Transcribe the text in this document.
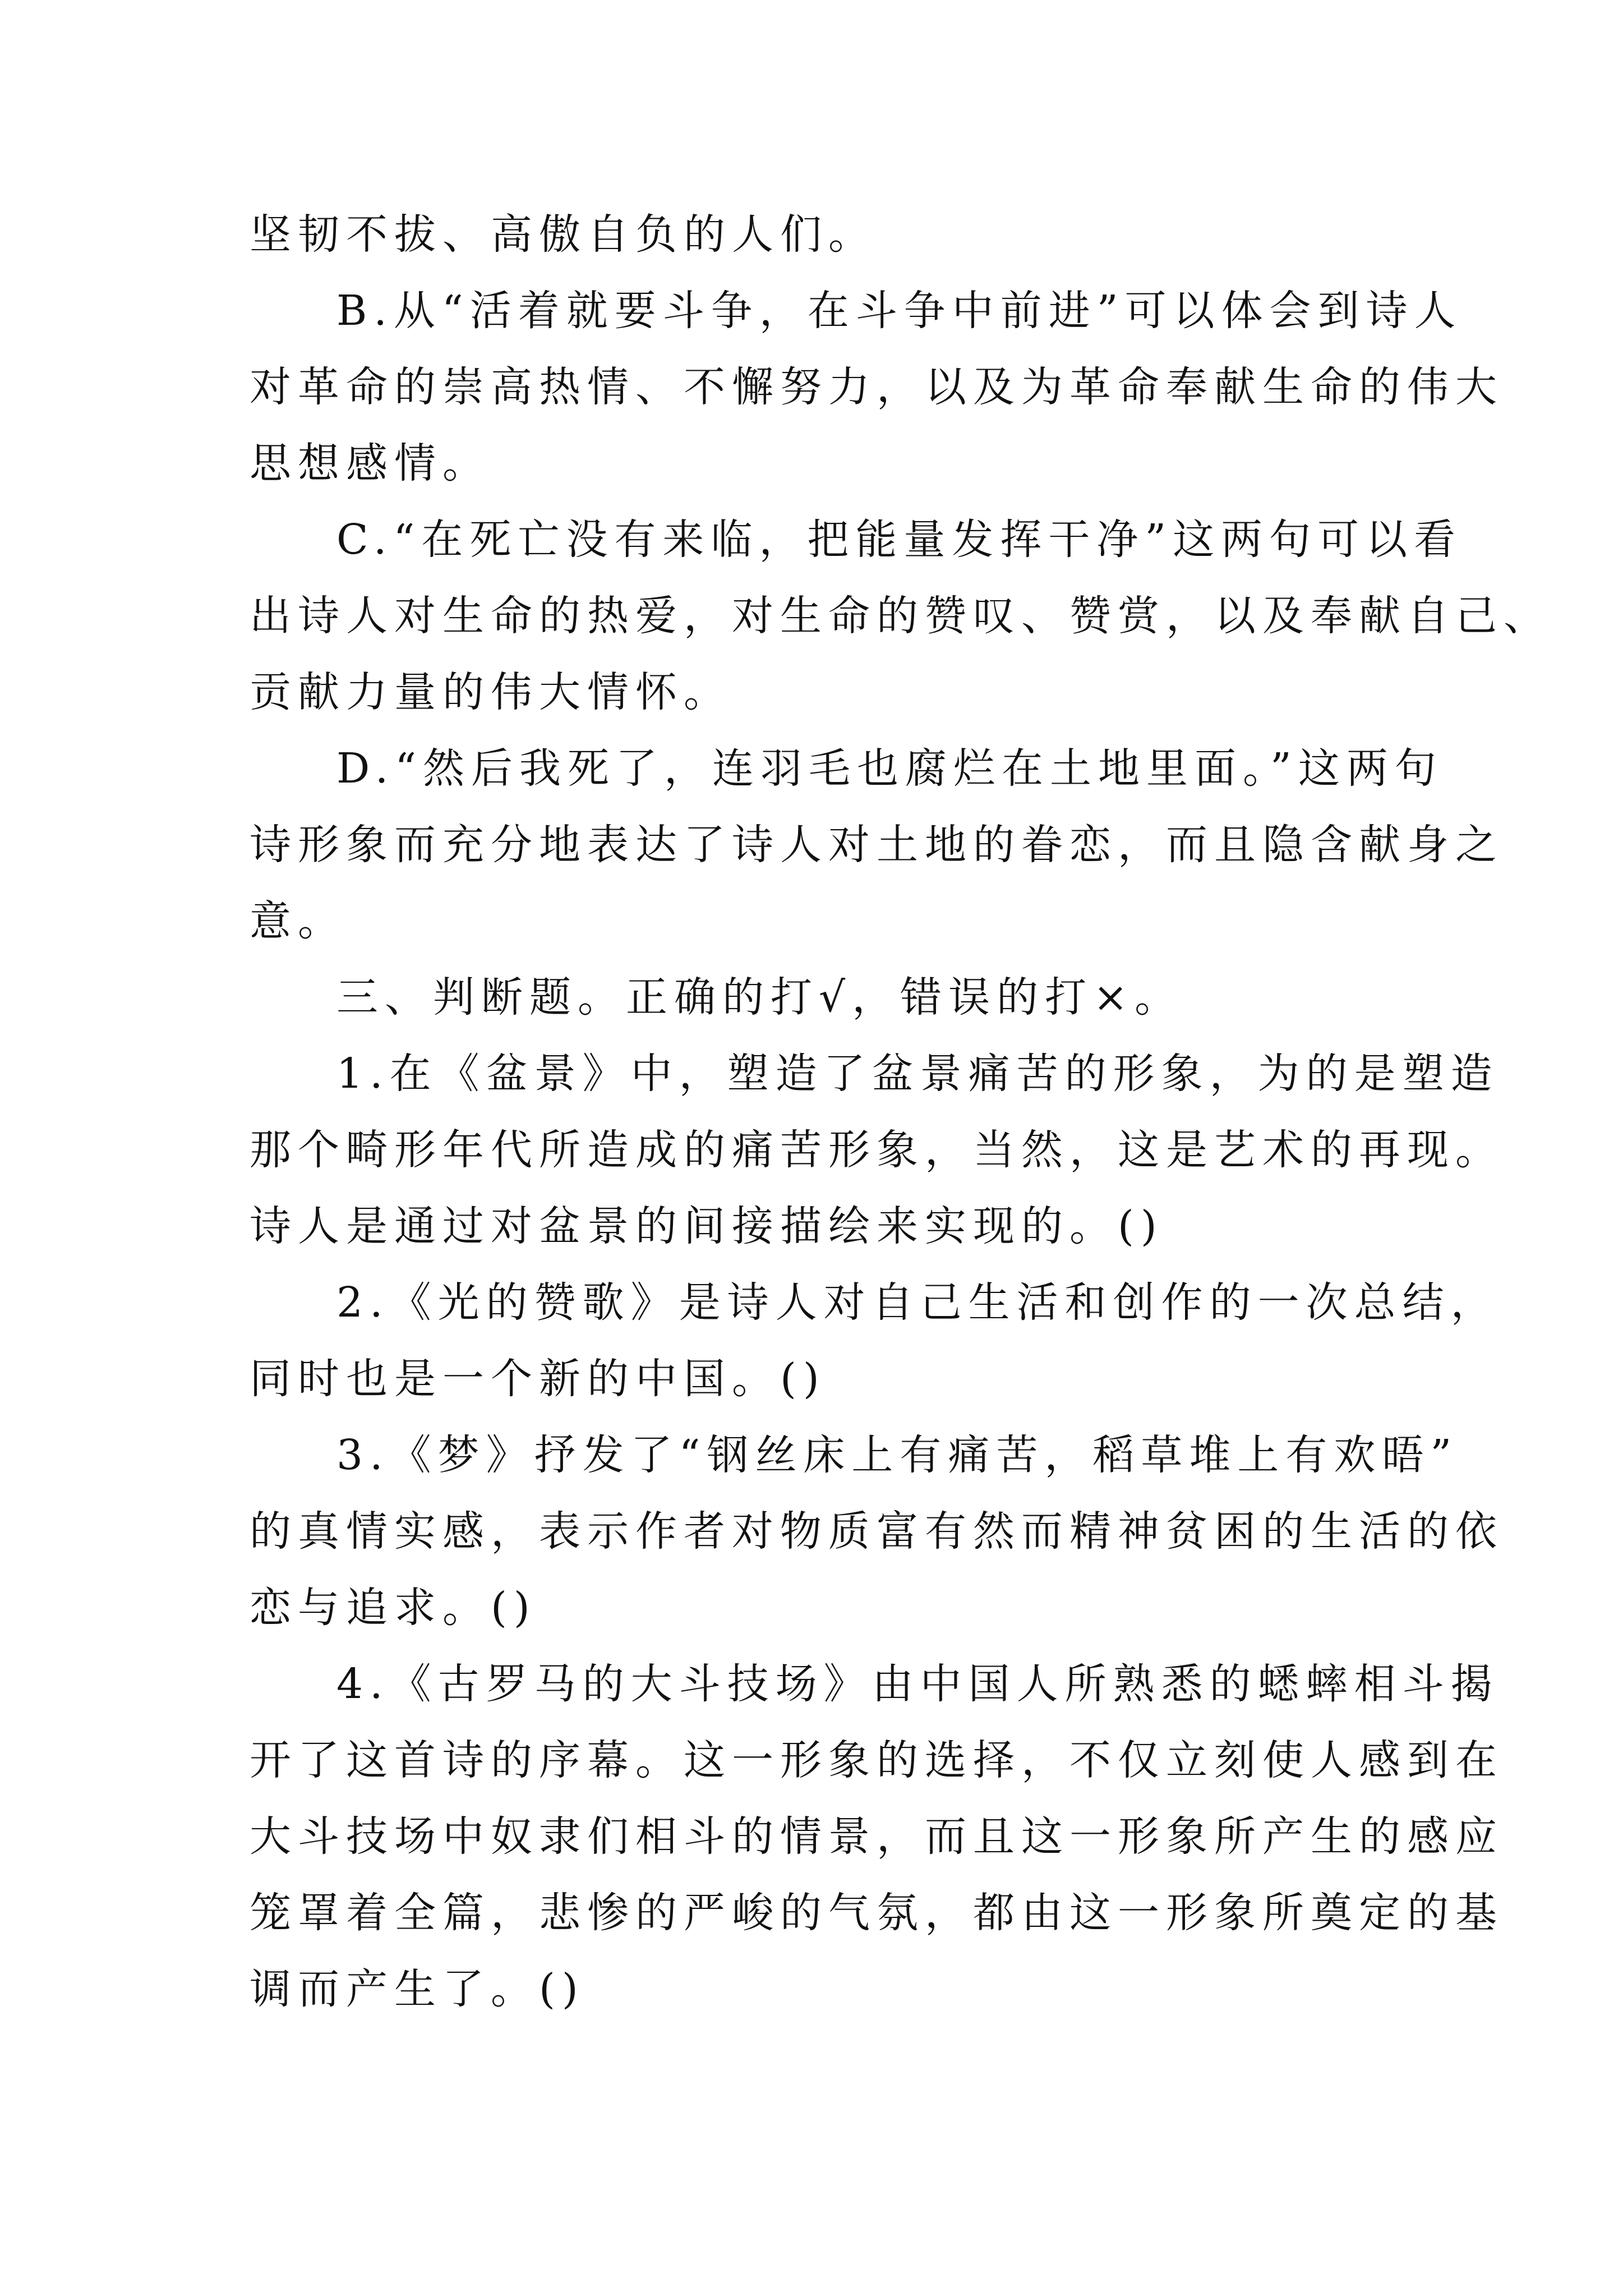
坚韧不拔、高傲自负的人们。
B.从“活着就要斗争，在斗争中前进”可以体会到诗人
对革命的崇高热情、不懈努力，以及为革命奉献生命的伟大
思想感情。
C.“在死亡没有来临，把能量发挥干净”这两句可以看
出诗人对生命的热爱，对生命的赞叹、赞赏，以及奉献自己、
贡献力量的伟大情怀。
D.“然后我死了，连羽毛也腐烂在土地里面。”这两句
诗形象而充分地表达了诗人对土地的眷恋，而且隐含献身之
意。
三、判断题。正确的打√，错误的打×。
1.在《盆景》中，塑造了盆景痛苦的形象，为的是塑造
那个畸形年代所造成的痛苦形象，当然，这是艺术的再现。
诗人是通过对盆景的间接描绘来实现的。()
2.《光的赞歌》是诗人对自己生活和创作的一次总结，
同时也是一个新的中国。()
3.《梦》抒发了“钢丝床上有痛苦，稻草堆上有欢晤”
的真情实感，表示作者对物质富有然而精神贫困的生活的依
恋与追求。()
4.《古罗马的大斗技场》由中国人所熟悉的蟋蟀相斗揭
开了这首诗的序幕。这一形象的选择，不仅立刻使人感到在
大斗技场中奴隶们相斗的情景，而且这一形象所产生的感应
笼罩着全篇，悲惨的严峻的气氛，都由这一形象所奠定的基
调而产生了。()
